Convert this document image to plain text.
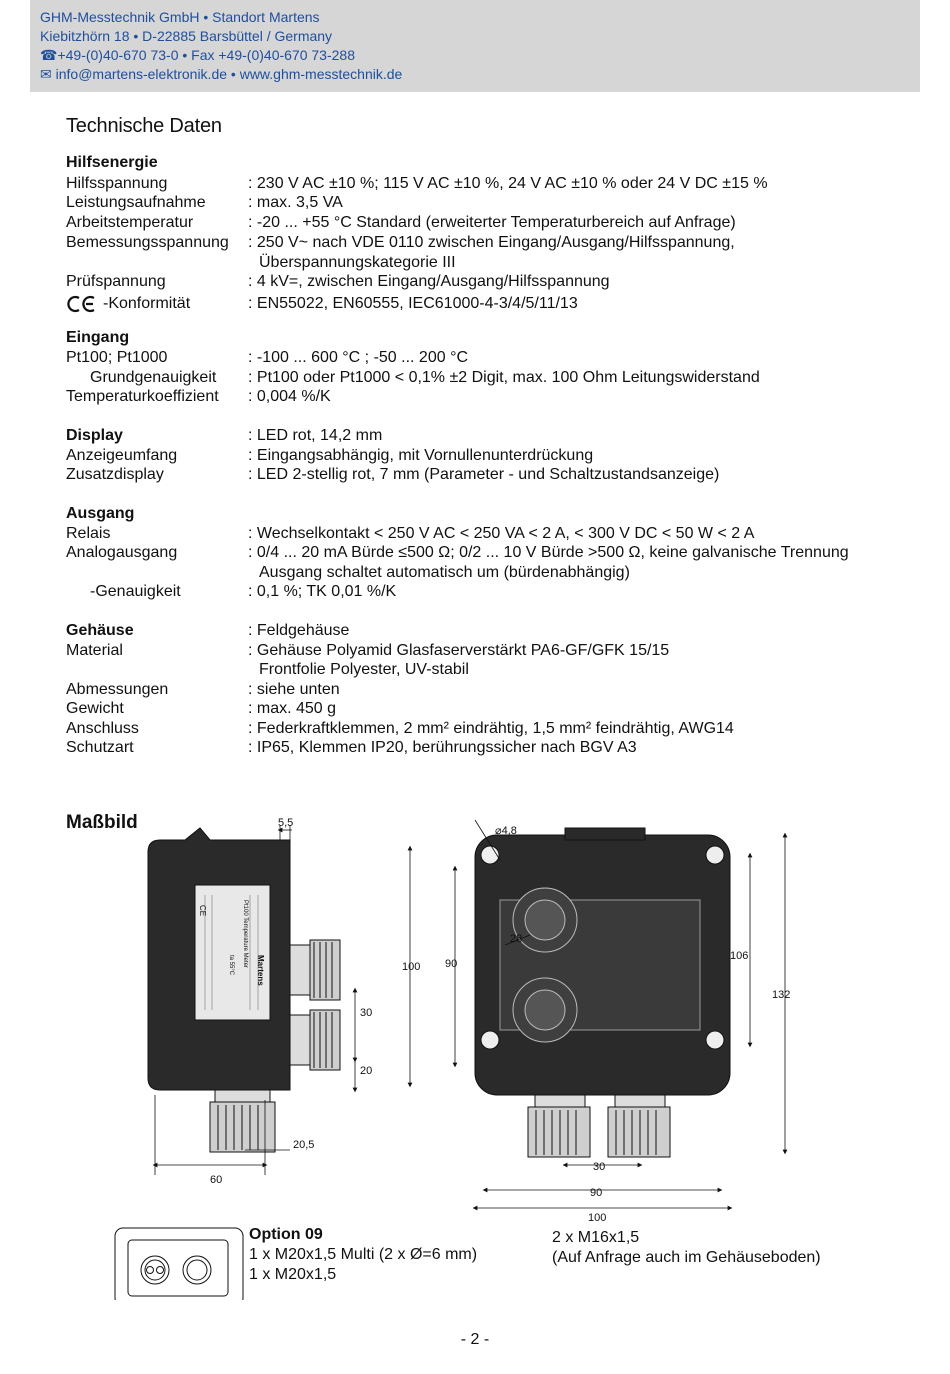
GHM-Messtechnik GmbH • Standort Martens
Kiebitzhörn 18 • D-22885 Barsbüttel / Germany
☎+49-(0)40-670 73-0 • Fax +49-(0)40-670 73-288
✉ info@martens-elektronik.de • www.ghm-messtechnik.de
Technische Daten
Hilfsenergie
Hilfsspannung	: 230 V AC ±10 %; 115 V AC ±10 %, 24 V AC ±10 % oder 24 V DC ±15 %
Leistungsaufnahme	: max. 3,5 VA
Arbeitstemperatur	: -20 ... +55 °C Standard (erweiterter Temperaturbereich auf Anfrage)
Bemessungsspannung : 250 V~ nach VDE 0110 zwischen Eingang/Ausgang/Hilfsspannung,
Überspannungskategorie III
Prüfspannung	: 4 kV=, zwischen Eingang/Ausgang/Hilfsspannung
-Konformität	: EN55022, EN60555, IEC61000-4-3/4/5/11/13
Eingang
Pt100; Pt1000	: -100 ... 600 °C ; -50 ... 200 °C
Grundgenauigkeit : Pt100 oder Pt1000 < 0,1% ±2 Digit, max. 100 Ohm Leitungswiderstand
Temperaturkoeffizient : 0,004 %/K
Display	: LED rot, 14,2 mm
Anzeigeumfang	: Eingangsabhängig, mit Vornullenunterdrückung
Zusatzdisplay	: LED 2-stellig rot, 7 mm (Parameter - und Schaltzustandsanzeige)
Ausgang
Relais	: Wechselkontakt < 250 V AC < 250 VA < 2 A, < 300 V DC < 50 W < 2 A
Analogausgang	: 0/4 ... 20 mA Bürde ≤500 Ω; 0/2 ... 10 V Bürde >500 Ω, keine galvanische Trennung
Ausgang schaltet automatisch um (bürdenabhängig)
-Genauigkeit	: 0,1 %; TK 0,01 %/K
Gehäuse	: Feldgehäuse
Material	: Gehäuse Polyamid Glasfaserverstärkt PA6-GF/GFK 15/15
Frontfolie Polyester, UV-stabil
Abmessungen	: siehe unten
Gewicht	: max. 450 g
Anschluss	: Federkraftklemmen, 2 mm² eindrähtig, 1,5 mm² feindrähtig, AWG14
Schutzart	: IP65, Klemmen IP20, berührungssicher nach BGV A3
Maßbild
Martens
Pt100 Temperature Meter
CE
ta 55°C
5,5
30
20
20,5
60
⌀4,8
28
100 90
106
132
30
90
100
Option 09
1 x M20x1,5 Multi (2 x Ø=6 mm)
1 x M20x1,5
2 x M16x1,5
(Auf Anfrage auch im Gehäuseboden)
- 2 -
